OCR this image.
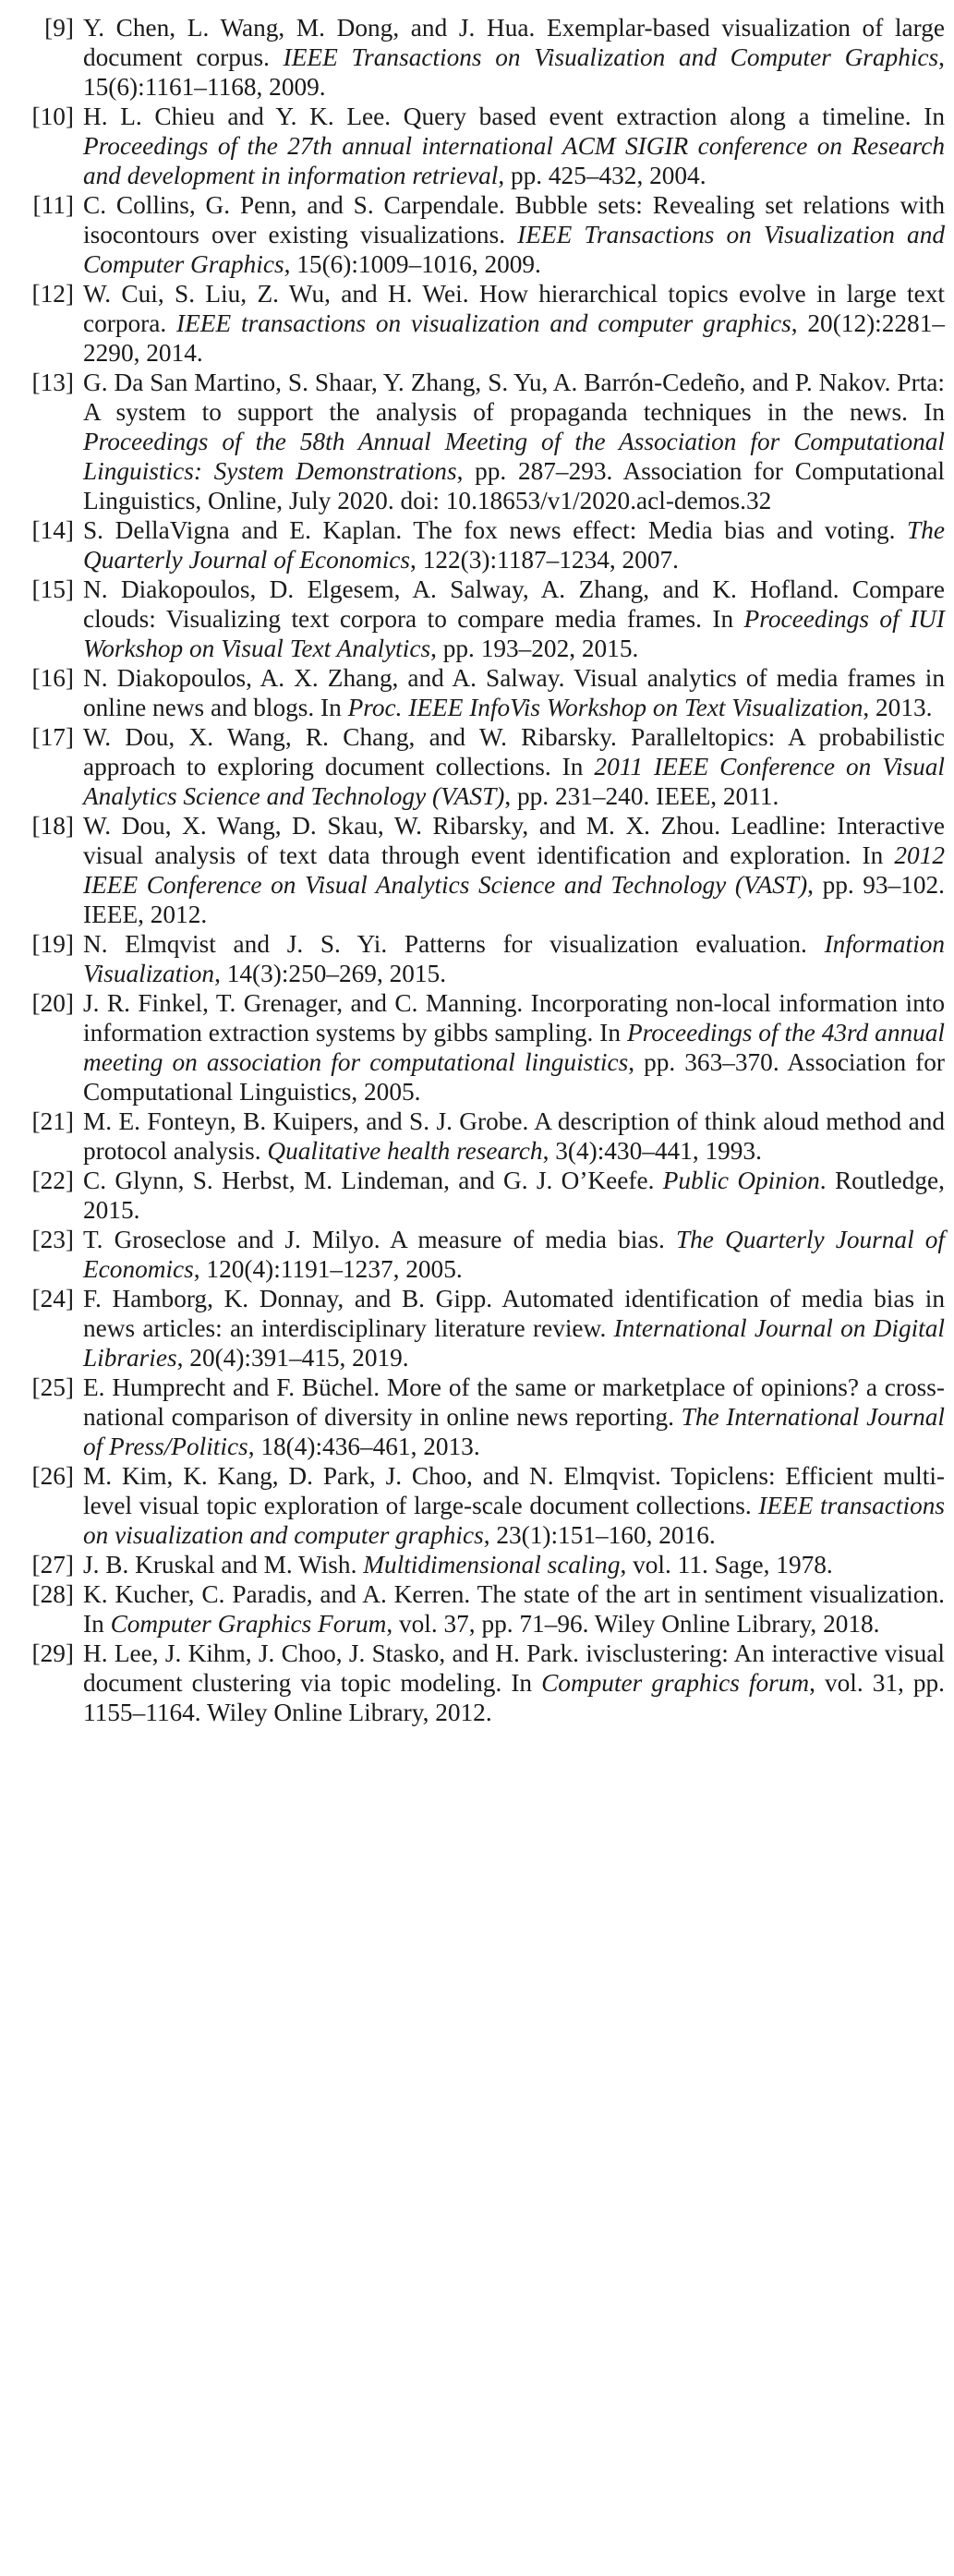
[9] Y. Chen, L. Wang, M. Dong, and J. Hua. Exemplar-based visualization of large document corpus. IEEE Transactions on Visualization and Computer Graphics, 15(6):1161–1168, 2009.
[10] H. L. Chieu and Y. K. Lee. Query based event extraction along a timeline. In Proceedings of the 27th annual international ACM SIGIR conference on Research and development in information retrieval, pp. 425–432, 2004.
[11] C. Collins, G. Penn, and S. Carpendale. Bubble sets: Revealing set relations with isocontours over existing visualizations. IEEE Transactions on Visualization and Computer Graphics, 15(6):1009–1016, 2009.
[12] W. Cui, S. Liu, Z. Wu, and H. Wei. How hierarchical topics evolve in large text corpora. IEEE transactions on visualization and computer graphics, 20(12):2281–2290, 2014.
[13] G. Da San Martino, S. Shaar, Y. Zhang, S. Yu, A. Barrón-Cedeño, and P. Nakov. Prta: A system to support the analysis of propaganda techniques in the news. In Proceedings of the 58th Annual Meeting of the Association for Computational Linguistics: System Demonstrations, pp. 287–293. Association for Computational Linguistics, Online, July 2020. doi: 10.18653/v1/2020.acl-demos.32
[14] S. DellaVigna and E. Kaplan. The fox news effect: Media bias and voting. The Quarterly Journal of Economics, 122(3):1187–1234, 2007.
[15] N. Diakopoulos, D. Elgesem, A. Salway, A. Zhang, and K. Hofland. Compare clouds: Visualizing text corpora to compare media frames. In Proceedings of IUI Workshop on Visual Text Analytics, pp. 193–202, 2015.
[16] N. Diakopoulos, A. X. Zhang, and A. Salway. Visual analytics of media frames in online news and blogs. In Proc. IEEE InfoVis Workshop on Text Visualization, 2013.
[17] W. Dou, X. Wang, R. Chang, and W. Ribarsky. Paralleltopics: A probabilistic approach to exploring document collections. In 2011 IEEE Conference on Visual Analytics Science and Technology (VAST), pp. 231–240. IEEE, 2011.
[18] W. Dou, X. Wang, D. Skau, W. Ribarsky, and M. X. Zhou. Leadline: Interactive visual analysis of text data through event identification and exploration. In 2012 IEEE Conference on Visual Analytics Science and Technology (VAST), pp. 93–102. IEEE, 2012.
[19] N. Elmqvist and J. S. Yi. Patterns for visualization evaluation. Information Visualization, 14(3):250–269, 2015.
[20] J. R. Finkel, T. Grenager, and C. Manning. Incorporating non-local information into information extraction systems by gibbs sampling. In Proceedings of the 43rd annual meeting on association for computational linguistics, pp. 363–370. Association for Computational Linguistics, 2005.
[21] M. E. Fonteyn, B. Kuipers, and S. J. Grobe. A description of think aloud method and protocol analysis. Qualitative health research, 3(4):430–441, 1993.
[22] C. Glynn, S. Herbst, M. Lindeman, and G. J. O’Keefe. Public Opinion. Routledge, 2015.
[23] T. Groseclose and J. Milyo. A measure of media bias. The Quarterly Journal of Economics, 120(4):1191–1237, 2005.
[24] F. Hamborg, K. Donnay, and B. Gipp. Automated identification of media bias in news articles: an interdisciplinary literature review. International Journal on Digital Libraries, 20(4):391–415, 2019.
[25] E. Humprecht and F. Büchel. More of the same or marketplace of opinions? a cross-national comparison of diversity in online news reporting. The International Journal of Press/Politics, 18(4):436–461, 2013.
[26] M. Kim, K. Kang, D. Park, J. Choo, and N. Elmqvist. Topiclens: Efficient multi-level visual topic exploration of large-scale document collections. IEEE transactions on visualization and computer graphics, 23(1):151–160, 2016.
[27] J. B. Kruskal and M. Wish. Multidimensional scaling, vol. 11. Sage, 1978.
[28] K. Kucher, C. Paradis, and A. Kerren. The state of the art in sentiment visualization. In Computer Graphics Forum, vol. 37, pp. 71–96. Wiley Online Library, 2018.
[29] H. Lee, J. Kihm, J. Choo, J. Stasko, and H. Park. ivisclustering: An interactive visual document clustering via topic modeling. In Computer graphics forum, vol. 31, pp. 1155–1164. Wiley Online Library, 2012.
